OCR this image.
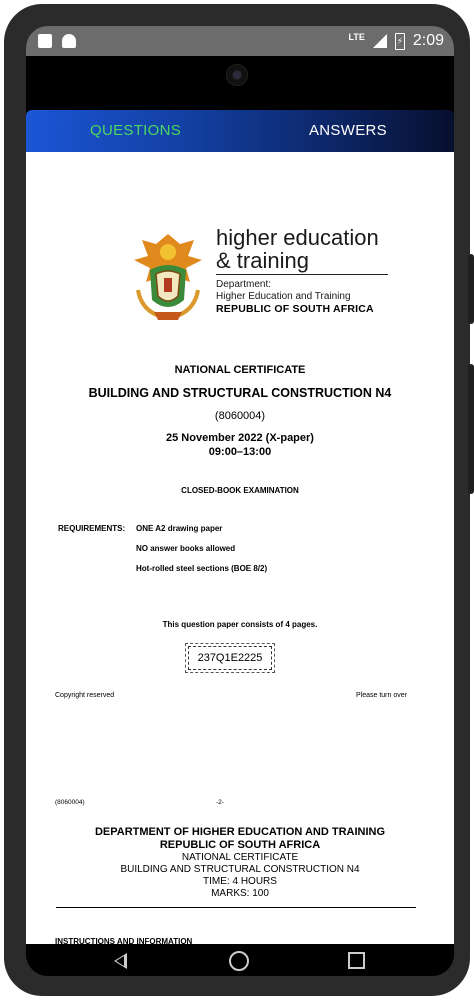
LTE	⚡ 2:09
QUESTIONS	ANSWERS
higher education
& training
Department:
Higher Education and Training
REPUBLIC OF SOUTH AFRICA
NATIONAL CERTIFICATE
BUILDING AND STRUCTURAL CONSTRUCTION N4
(8060004)
25 November 2022 (X-paper)
09:00–13:00
CLOSED-BOOK EXAMINATION
REQUIREMENTS: ONE A2 drawing paper
NO answer books allowed
Hot-rolled steel sections (BOE 8/2)
This question paper consists of 4 pages.
237Q1E2225
Copyright reserved	Please turn over
(8060004)	-2-
DEPARTMENT OF HIGHER EDUCATION AND TRAINING
REPUBLIC OF SOUTH AFRICA
NATIONAL CERTIFICATE
BUILDING AND STRUCTURAL CONSTRUCTION N4
TIME: 4 HOURS
MARKS: 100
INSTRUCTIONS AND INFORMATION
